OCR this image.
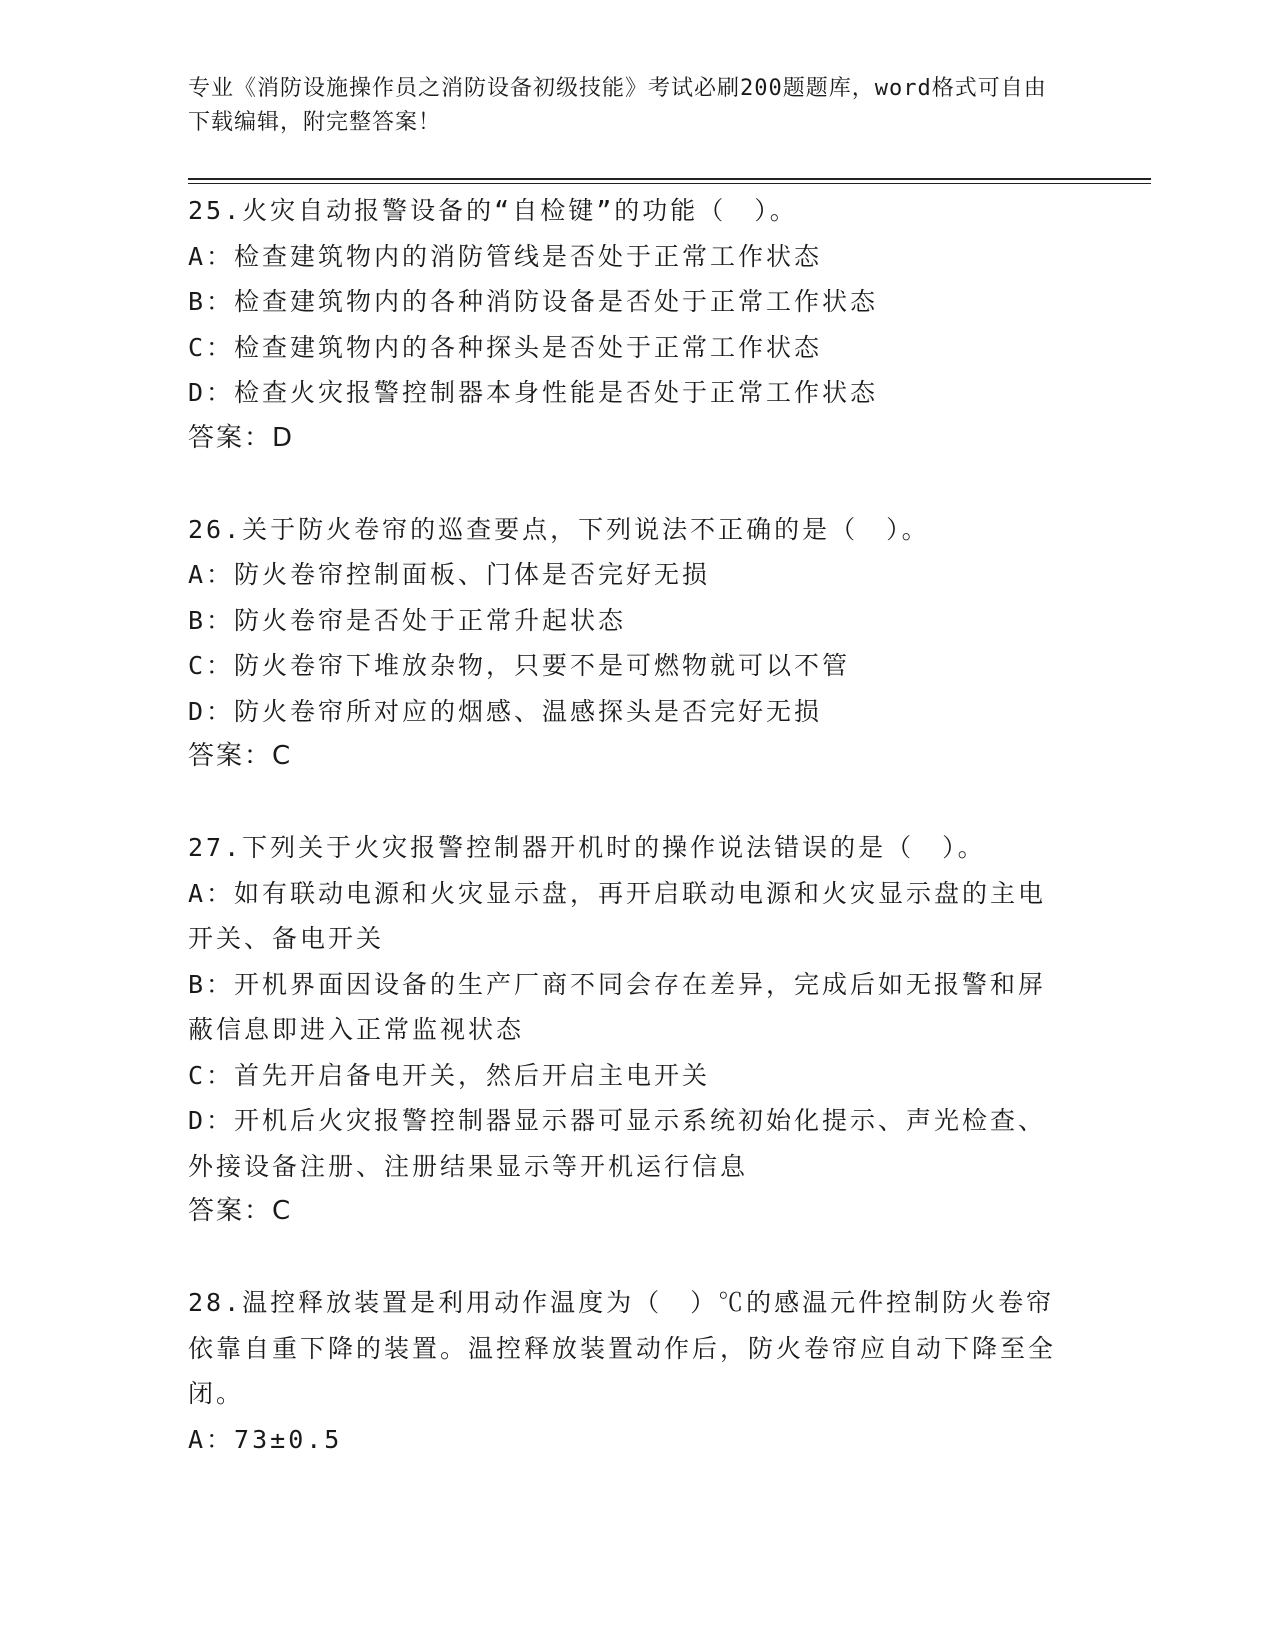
专业《消防设施操作员之消防设备初级技能》考试必刷200题题库，word格式可自由下载编辑，附完整答案！

25.火灾自动报警设备的“自检键”的功能（　）。

A：检查建筑物内的消防管线是否处于正常工作状态

B：检查建筑物内的各种消防设备是否处于正常工作状态

C：检查建筑物内的各种探头是否处于正常工作状态

D：检查火灾报警控制器本身性能是否处于正常工作状态

答案：D

26.关于防火卷帘的巡查要点，下列说法不正确的是（　）。

A：防火卷帘控制面板、门体是否完好无损

B：防火卷帘是否处于正常升起状态

C：防火卷帘下堆放杂物，只要不是可燃物就可以不管

D：防火卷帘所对应的烟感、温感探头是否完好无损

答案：C

27.下列关于火灾报警控制器开机时的操作说法错误的是（　）。

A：如有联动电源和火灾显示盘，再开启联动电源和火灾显示盘的主电开关、备电开关

B：开机界面因设备的生产厂商不同会存在差异，完成后如无报警和屏蔽信息即进入正常监视状态

C：首先开启备电开关，然后开启主电开关

D：开机后火灾报警控制器显示器可显示系统初始化提示、声光检查、外接设备注册、注册结果显示等开机运行信息

答案：C

28.温控释放装置是利用动作温度为（　）℃的感温元件控制防火卷帘依靠自重下降的装置。温控释放装置动作后，防火卷帘应自动下降至全闭。

A：73±0.5
